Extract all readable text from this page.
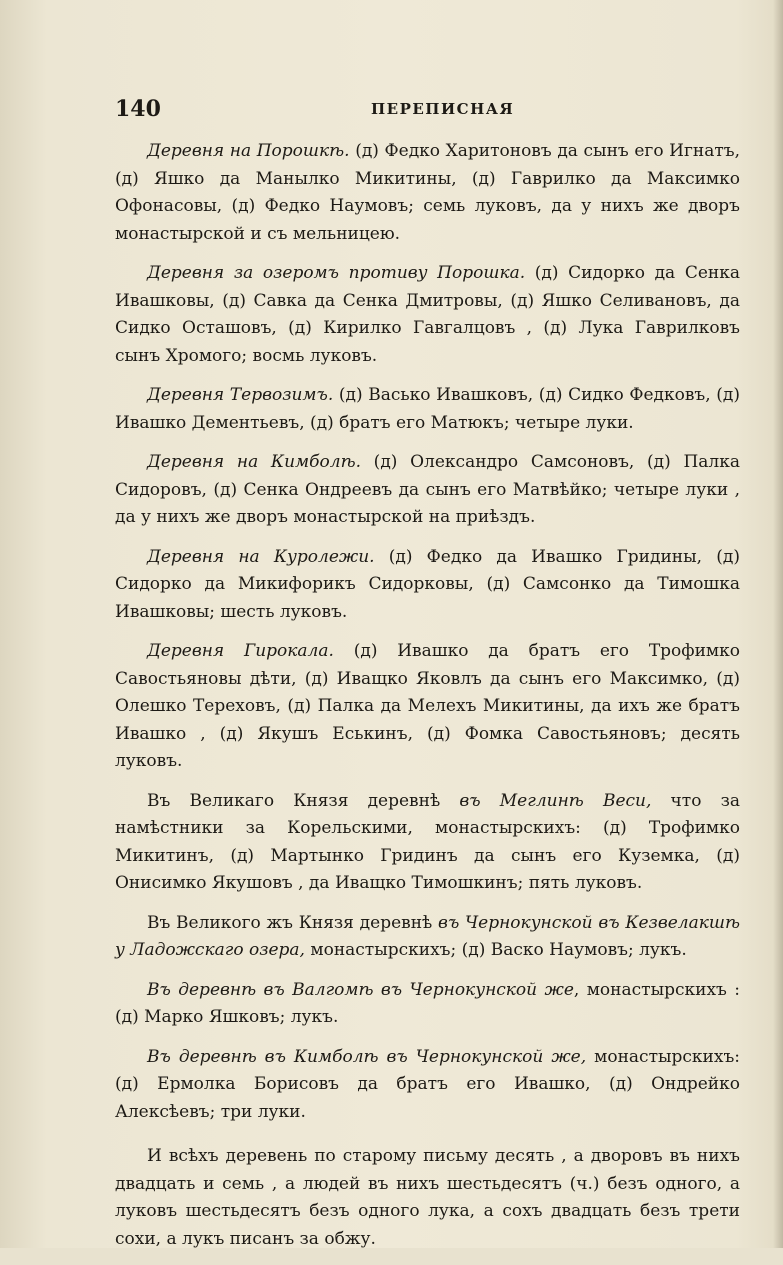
140	ПЕРЕПИСНАЯ

Деревня на Порошкѣ. (д) Федко Харитоновъ да сынъ его Игнатъ, (д) Яшко да Манылко Микитины, (д) Гаврилко да Максимко Офонасовы, (д) Федко Наумовъ; семь луковъ, да у нихъ же дворъ монастырской и съ мельницею.

Деревня за озеромъ противу Порошка. (д) Сидорко да Сенка Ивашковы, (д) Савка да Сенка Дмитровы, (д) Яшко Селивановъ, да Сидко Осташовъ, (д) Кирилко Гавгалцовъ , (д) Лука Гаврилковъ сынъ Хромого; восмь луковъ.

Деревня Тервозимъ. (д) Васько Ивашковъ, (д) Сидко Федковъ, (д) Ивашко Дементьевъ, (д) братъ его Матюкъ; четыре луки.

Деревня на Кимболѣ. (д) Олександро Самсоновъ, (д) Палка Сидоровъ, (д) Сенка Ондреевъ да сынъ его Матвѣйко; четыре луки , да у нихъ же дворъ монастырской на приѣздъ.

Деревня на Куролежи. (д) Федко да Ивашко Гридины, (д) Сидорко да Микифорикъ Сидорковы, (д) Самсонко да Тимошка Ивашковы; шесть луковъ.

Деревня Гирокала. (д) Ивашко да братъ его Трофимко Савостьяновы дѣти, (д) Иващко Яковлъ да сынъ его Максимко, (д) Олешко Тереховъ, (д) Палка да Мелехъ Микитины, да ихъ же братъ Ивашко , (д) Якушъ Еськинъ, (д) Фомка Савостьяновъ; десять луковъ.

Въ Великаго Князя деревнѣ въ Меглинѣ Веси, что за намѣстники за Корельскими, монастырскихъ: (д) Трофимко Микитинъ, (д) Мартынко Гридинъ да сынъ его Куземка, (д) Онисимко Якушовъ , да Иващко Тимошкинъ; пять луковъ.

Въ Великого жъ Князя деревнѣ въ Чернокунской въ Кезвелакшѣ у Ладожскаго озера, монастырскихъ; (д) Васко Наумовъ; лукъ.

Въ деревнѣ въ Валгомѣ въ Чернокунской же, монастырскихъ : (д) Марко Яшковъ; лукъ.

Въ деревнѣ въ Кимболѣ въ Чернокунской же, монастырскихъ: (д) Ермолка Борисовъ да братъ его Ивашко, (д) Ондрейко Алексѣевъ; три луки.

И всѣхъ деревень по старому письму десять , а дворовъ въ нихъ двадцать и семь , а людей въ нихъ шестьдесятъ (ч.) безъ одного, а луковъ шестьдесятъ безъ одного лука, а сохъ двадцать безъ трети сохи, а лукъ писанъ за обжу.
